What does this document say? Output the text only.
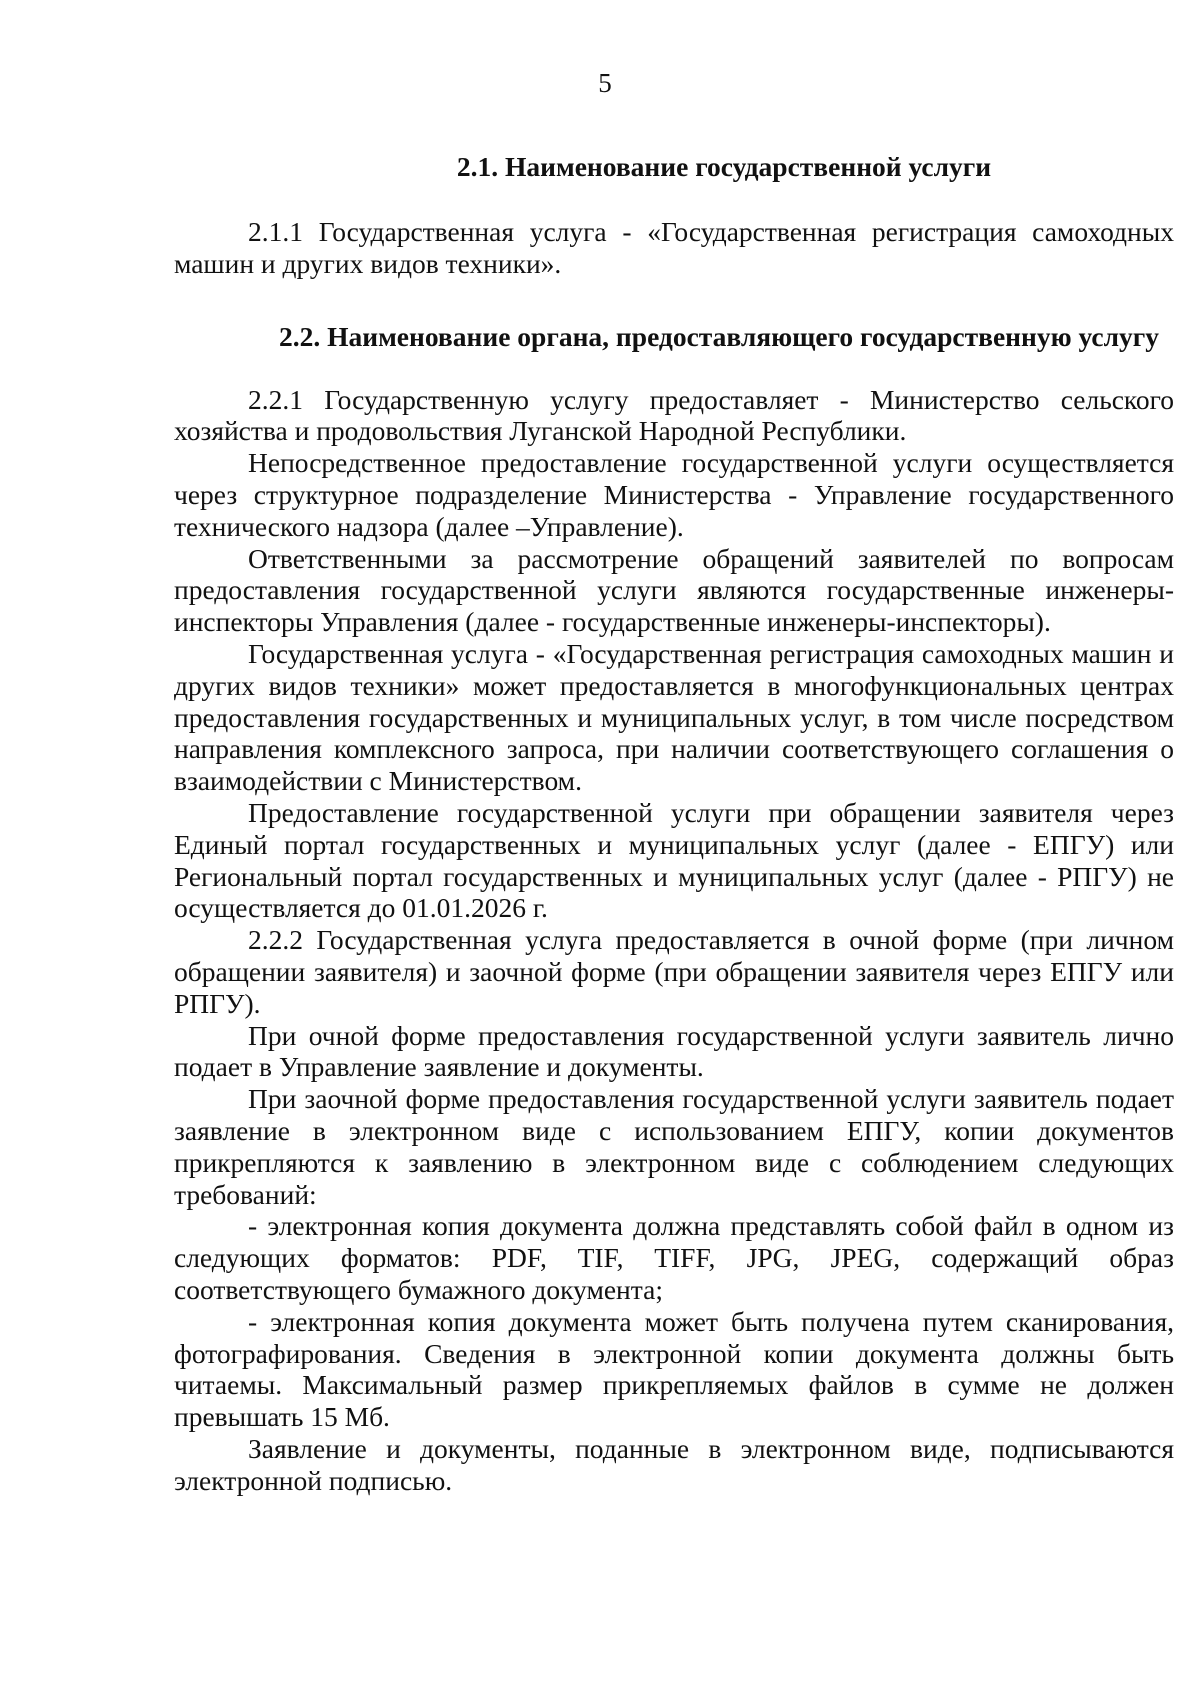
5
2.1. Наименование государственной услуги

2.1.1 Государственная услуга - «Государственная регистрация самоходных машин и других видов техники».

2.2. Наименование органа, предоставляющего государственную услугу

2.2.1 Государственную услугу предоставляет - Министерство сельского хозяйства и продовольствия Луганской Народной Республики.

Непосредственное предоставление государственной услуги осуществляется через структурное подразделение Министерства - Управление государственного технического надзора (далее –Управление).

Ответственными за рассмотрение обращений заявителей по вопросам предоставления государственной услуги являются государственные инженеры-инспекторы Управления (далее - государственные инженеры-инспекторы).

Государственная услуга - «Государственная регистрация самоходных машин и других видов техники» может предоставляется в многофункциональных центрах предоставления государственных и муниципальных услуг, в том числе посредством направления комплексного запроса, при наличии соответствующего соглашения о взаимодействии с Министерством.

Предоставление государственной услуги при обращении заявителя через Единый портал государственных и муниципальных услуг (далее - ЕПГУ) или Региональный портал государственных и муниципальных услуг (далее - РПГУ) не осуществляется до 01.01.2026 г.

2.2.2 Государственная услуга предоставляется в очной форме (при личном обращении заявителя) и заочной форме (при обращении заявителя через ЕПГУ или РПГУ).

При очной форме предоставления государственной услуги заявитель лично подает в Управление заявление и документы.

При заочной форме предоставления государственной услуги заявитель подает заявление в электронном виде с использованием ЕПГУ, копии документов прикрепляются к заявлению в электронном виде с соблюдением следующих требований:

- электронная копия документа должна представлять собой файл в одном из следующих форматов: PDF, TIF, TIFF, JPG, JPEG, содержащий образ соответствующего бумажного документа;

- электронная копия документа может быть получена путем сканирования, фотографирования. Сведения в электронной копии документа должны быть читаемы. Максимальный размер прикрепляемых файлов в сумме не должен превышать 15 Мб.

Заявление и документы, поданные в электронном виде, подписываются электронной подписью.
